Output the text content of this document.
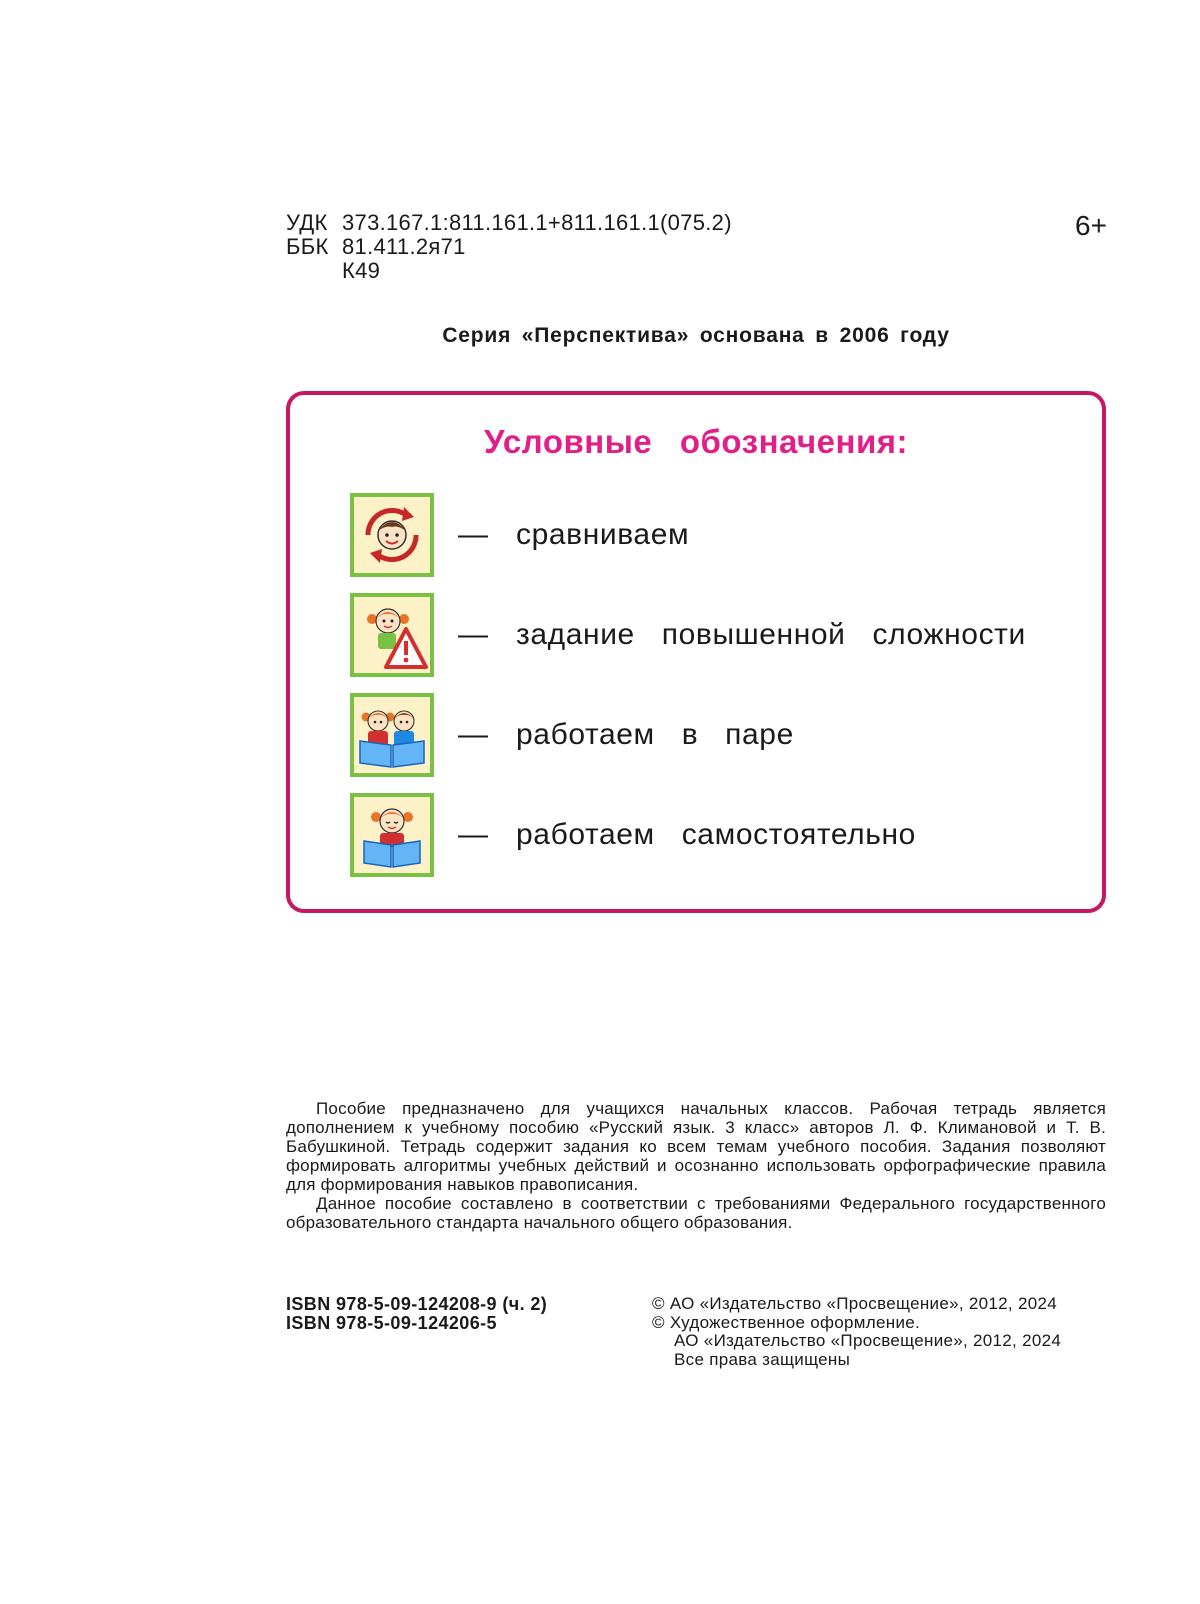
УДК 373.167.1:811.161.1+811.161.1(075.2)
ББК 81.411.2я71
К49
6+
Серия «Перспектива» основана в 2006 году
Условные обозначения:
— сравниваем
— задание повышенной сложности
— работаем в паре
— работаем самостоятельно

Пособие предназначено для учащихся начальных классов. Рабочая тетрадь является дополнением к учебному пособию «Русский язык. 3 класс» авторов Л. Ф. Климановой и Т. В. Бабушкиной. Тетрадь содержит задания ко всем темам учебного пособия. Задания позволяют формировать алгоритмы учебных действий и осознанно использовать орфографические правила для формирования навыков правописания.

Данное пособие составлено в соответствии с требованиями Федерального государственного образовательного стандарта начального общего образования.

ISBN 978-5-09-124208-9 (ч. 2)
ISBN 978-5-09-124206-5
© АО «Издательство «Просвещение», 2012, 2024
© Художественное оформление.
АО «Издательство «Просвещение», 2012, 2024
Все права защищены
